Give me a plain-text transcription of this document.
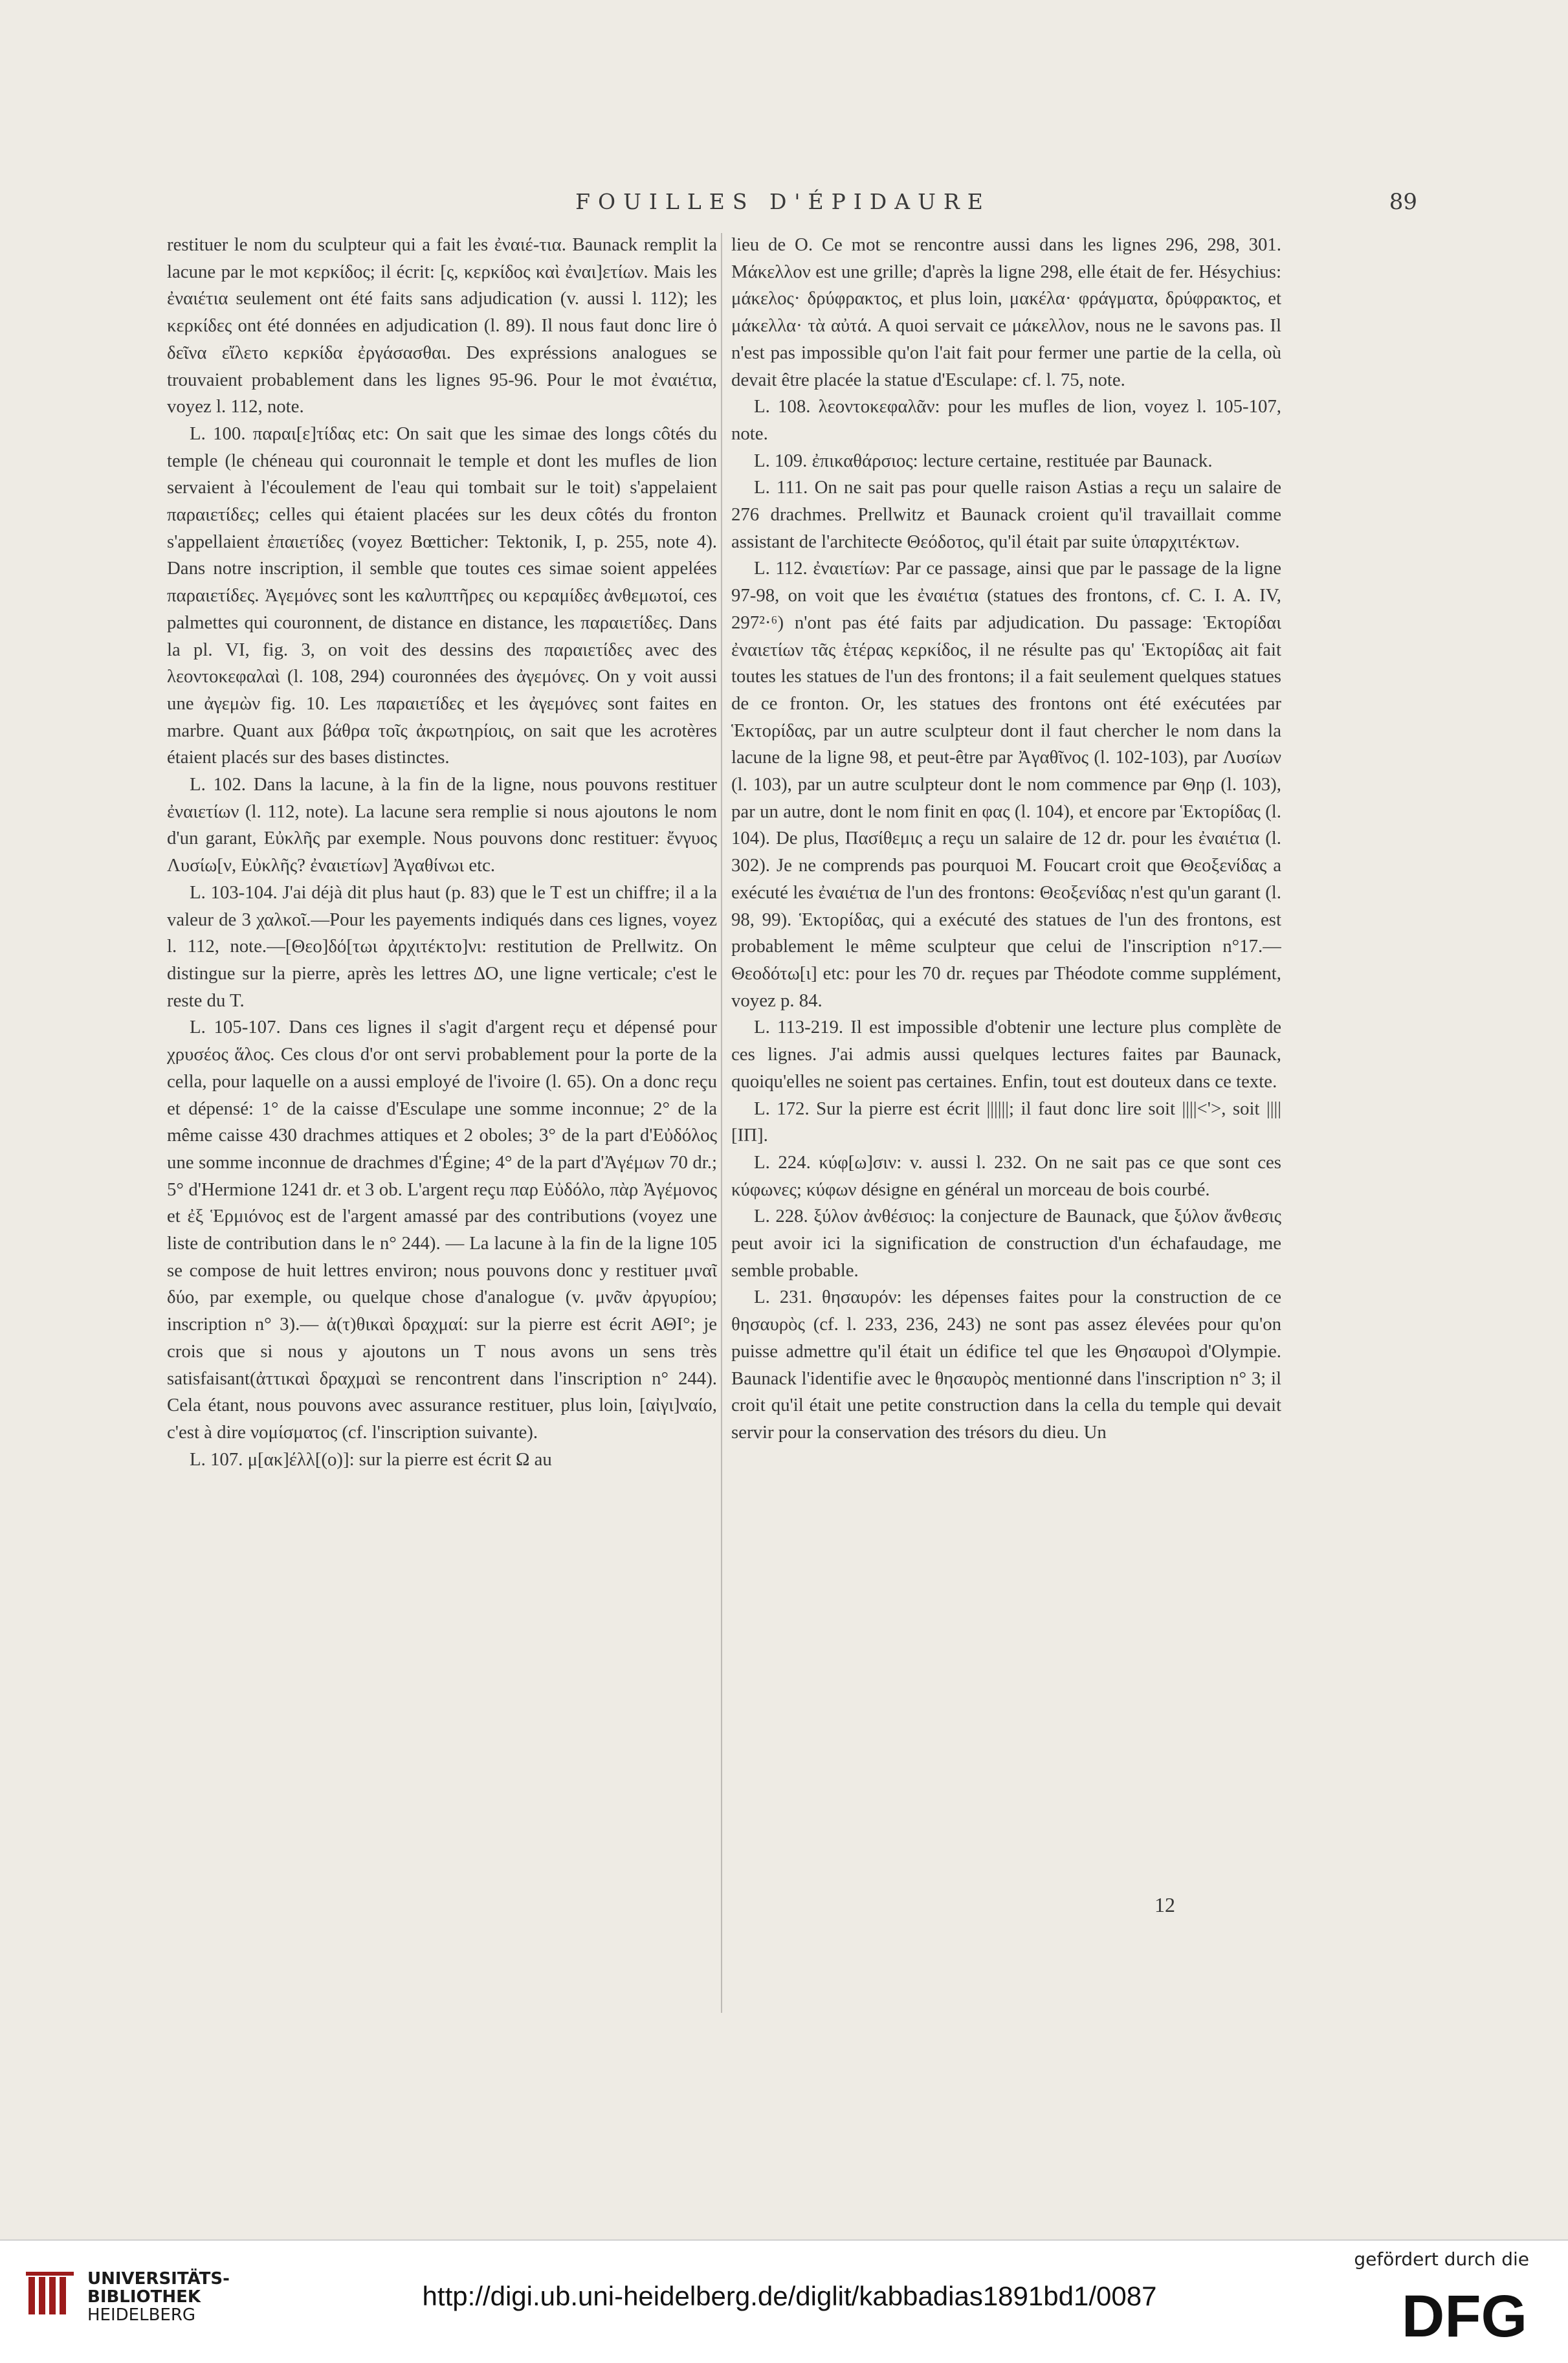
FOUILLES D'ÉPIDAURE	89

restituer le nom du sculpteur qui a fait les ἐναιέ-τια. Baunack remplit la lacune par le mot κερκίδος; il écrit: [ς, κερκίδος καὶ ἐναι]ετίων. Mais les ἐναιέτια seulement ont été faits sans adjudication (v. aussi l. 112); les κερκίδες ont été données en adjudication (l. 89). Il nous faut donc lire ὁ δεῖνα εἴλετο κερκίδα ἐργάσασθαι. Des expréssions analogues se trouvaient probablement dans les lignes 95-96. Pour le mot ἐναιέτια, voyez l. 112, note.

L. 100. παραι[ε]τίδας etc: On sait que les simae des longs côtés du temple (le chéneau qui couronnait le temple et dont les mufles de lion servaient à l'écoulement de l'eau qui tombait sur le toit) s'appelaient παραιετίδες; celles qui étaient placées sur les deux côtés du fronton s'appellaient ἐπαιετίδες (voyez Bœtticher: Tektonik, I, p. 255, note 4). Dans notre inscription, il semble que toutes ces simae soient appelées παραιετίδες. Ἀγεμόνες sont les καλυπτῆρες ou κεραμίδες ἀνθεμωτοί, ces palmettes qui couronnent, de distance en distance, les παραιετίδες. Dans la pl. VI, fig. 3, on voit des dessins des παραιετίδες avec des λεοντοκεφαλαὶ (l. 108, 294) couronnées des ἀγεμόνες. On y voit aussi une ἀγεμὼν fig. 10. Les παραιετίδες et les ἀγεμόνες sont faites en marbre. Quant aux βάθρα τοῖς ἀκρωτηρίοις, on sait que les acrotères étaient placés sur des bases distinctes.

L. 102. Dans la lacune, à la fin de la ligne, nous pouvons restituer ἐναιετίων (l. 112, note). La lacune sera remplie si nous ajoutons le nom d'un garant, Εὐκλῆς par exemple. Nous pouvons donc restituer: ἔνγυος Λυσίω[ν, Εὐκλῆς? ἐναιετίων] Ἀγαθίνωι etc.

L. 103-104. J'ai déjà dit plus haut (p. 83) que le T est un chiffre; il a la valeur de 3 χαλκοῖ.—Pour les payements indiqués dans ces lignes, voyez l. 112, note.—[Θεο]δό[τωι ἀρχιτέκτο]νι: restitution de Prellwitz. On distingue sur la pierre, après les lettres ΔΟ, une ligne verticale; c'est le reste du T.

L. 105-107. Dans ces lignes il s'agit d'argent reçu et dépensé pour χρυσέος ἅλος. Ces clous d'or ont servi probablement pour la porte de la cella, pour laquelle on a aussi employé de l'ivoire (l. 65). On a donc reçu et dépensé: 1° de la caisse d'Esculape une somme inconnue; 2° de la même caisse 430 drachmes attiques et 2 oboles; 3° de la part d'Εὐδόλος une somme inconnue de drachmes d'Égine; 4° de la part d'Ἀγέμων 70 dr.; 5° d'Hermione 1241 dr. et 3 ob. L'argent reçu παρ Εὐδόλο, πὰρ Ἀγέμονος et ἐξ Ἑρμιόνος est de l'argent amassé par des contributions (voyez une liste de contribution dans le n° 244). — La lacune à la fin de la ligne 105 se compose de huit lettres environ; nous pouvons donc y restituer μναῖ δύο, par exemple, ou quelque chose d'analogue (v. μνᾶν ἀργυρίου; inscription n° 3).— ἀ(τ)θικαὶ δραχμαί: sur la pierre est écrit ΑΘΙ°; je crois que si nous y ajoutons un T nous avons un sens très satisfaisant(ἀττικαὶ δραχμαὶ se rencontrent dans l'inscription n° 244). Cela étant, nous pouvons avec assurance restituer, plus loin, [αἰγι]ναίο, c'est à dire νομίσματος (cf. l'inscription suivante).

L. 107. μ[ακ]έλλ[(ο)]: sur la pierre est écrit Ω au

lieu de O. Ce mot se rencontre aussi dans les lignes 296, 298, 301. Μάκελλον est une grille; d'après la ligne 298, elle était de fer. Hésychius: μάκελος· δρύφρακτος, et plus loin, μακέλα· φράγματα, δρύφρακτος, et μάκελλα· τὰ αὐτά. A quoi servait ce μάκελλον, nous ne le savons pas. Il n'est pas impossible qu'on l'ait fait pour fermer une partie de la cella, où devait être placée la statue d'Esculape: cf. l. 75, note.

L. 108. λεοντοκεφαλᾶν: pour les mufles de lion, voyez l. 105-107, note.

L. 109. ἐπικαθάρσιος: lecture certaine, restituée par Baunack.

L. 111. On ne sait pas pour quelle raison Astias a reçu un salaire de 276 drachmes. Prellwitz et Baunack croient qu'il travaillait comme assistant de l'architecte Θεόδοτος, qu'il était par suite ὑπαρχιτέκτων.

L. 112. ἐναιετίων: Par ce passage, ainsi que par le passage de la ligne 97-98, on voit que les ἐναιέτια (statues des frontons, cf. C. I. A. IV, 297²·⁶) n'ont pas été faits par adjudication. Du passage: Ἑκτορίδαι ἐναιετίων τᾶς ἑτέρας κερκίδος, il ne résulte pas qu' Ἑκτορίδας ait fait toutes les statues de l'un des frontons; il a fait seulement quelques statues de ce fronton. Or, les statues des frontons ont été exécutées par Ἑκτορίδας, par un autre sculpteur dont il faut chercher le nom dans la lacune de la ligne 98, et peut-être par Ἀγαθῖνος (l. 102-103), par Λυσίων (l. 103), par un autre sculpteur dont le nom commence par Θηρ (l. 103), par un autre, dont le nom finit en φας (l. 104), et encore par Ἑκτορίδας (l. 104). De plus, Πασίθεμις a reçu un salaire de 12 dr. pour les ἐναιέτια (l. 302). Je ne comprends pas pourquoi M. Foucart croit que Θεοξενίδας a exécuté les ἐναιέτια de l'un des frontons: Θεοξενίδας n'est qu'un garant (l. 98, 99). Ἑκτορίδας, qui a exécuté des statues de l'un des frontons, est probablement le même sculpteur que celui de l'inscription n°17.—Θεοδότω[ι] etc: pour les 70 dr. reçues par Théodote comme supplément, voyez p. 84.

L. 113-219. Il est impossible d'obtenir une lecture plus complète de ces lignes. J'ai admis aussi quelques lectures faites par Baunack, quoiqu'elles ne soient pas certaines. Enfin, tout est douteux dans ce texte.

L. 172. Sur la pierre est écrit ||||||; il faut donc lire soit ||||<'>, soit |||| [ΙΠ].

L. 224. κύφ[ω]σιν: v. aussi l. 232. On ne sait pas ce que sont ces κύφωνες; κύφων désigne en général un morceau de bois courbé.

L. 228. ξύλον ἀνθέσιος: la conjecture de Baunack, que ξύλον ἄνθεσις peut avoir ici la signification de construction d'un échafaudage, me semble probable.

L. 231. θησαυρόν: les dépenses faites pour la construction de ce θησαυρὸς (cf. l. 233, 236, 243) ne sont pas assez élevées pour qu'on puisse admettre qu'il était un édifice tel que les Θησαυροὶ d'Olympie. Baunack l'identifie avec le θησαυρὸς mentionné dans l'inscription n° 3; il croit qu'il était une petite construction dans la cella du temple qui devait servir pour la conservation des trésors du dieu. Un

12
UNIVERSITÄTS-
BIBLIOTHEK
HEIDELBERG
http://digi.ub.uni-heidelberg.de/diglit/kabbadias1891bd1/0087
gefördert durch die
DFG
